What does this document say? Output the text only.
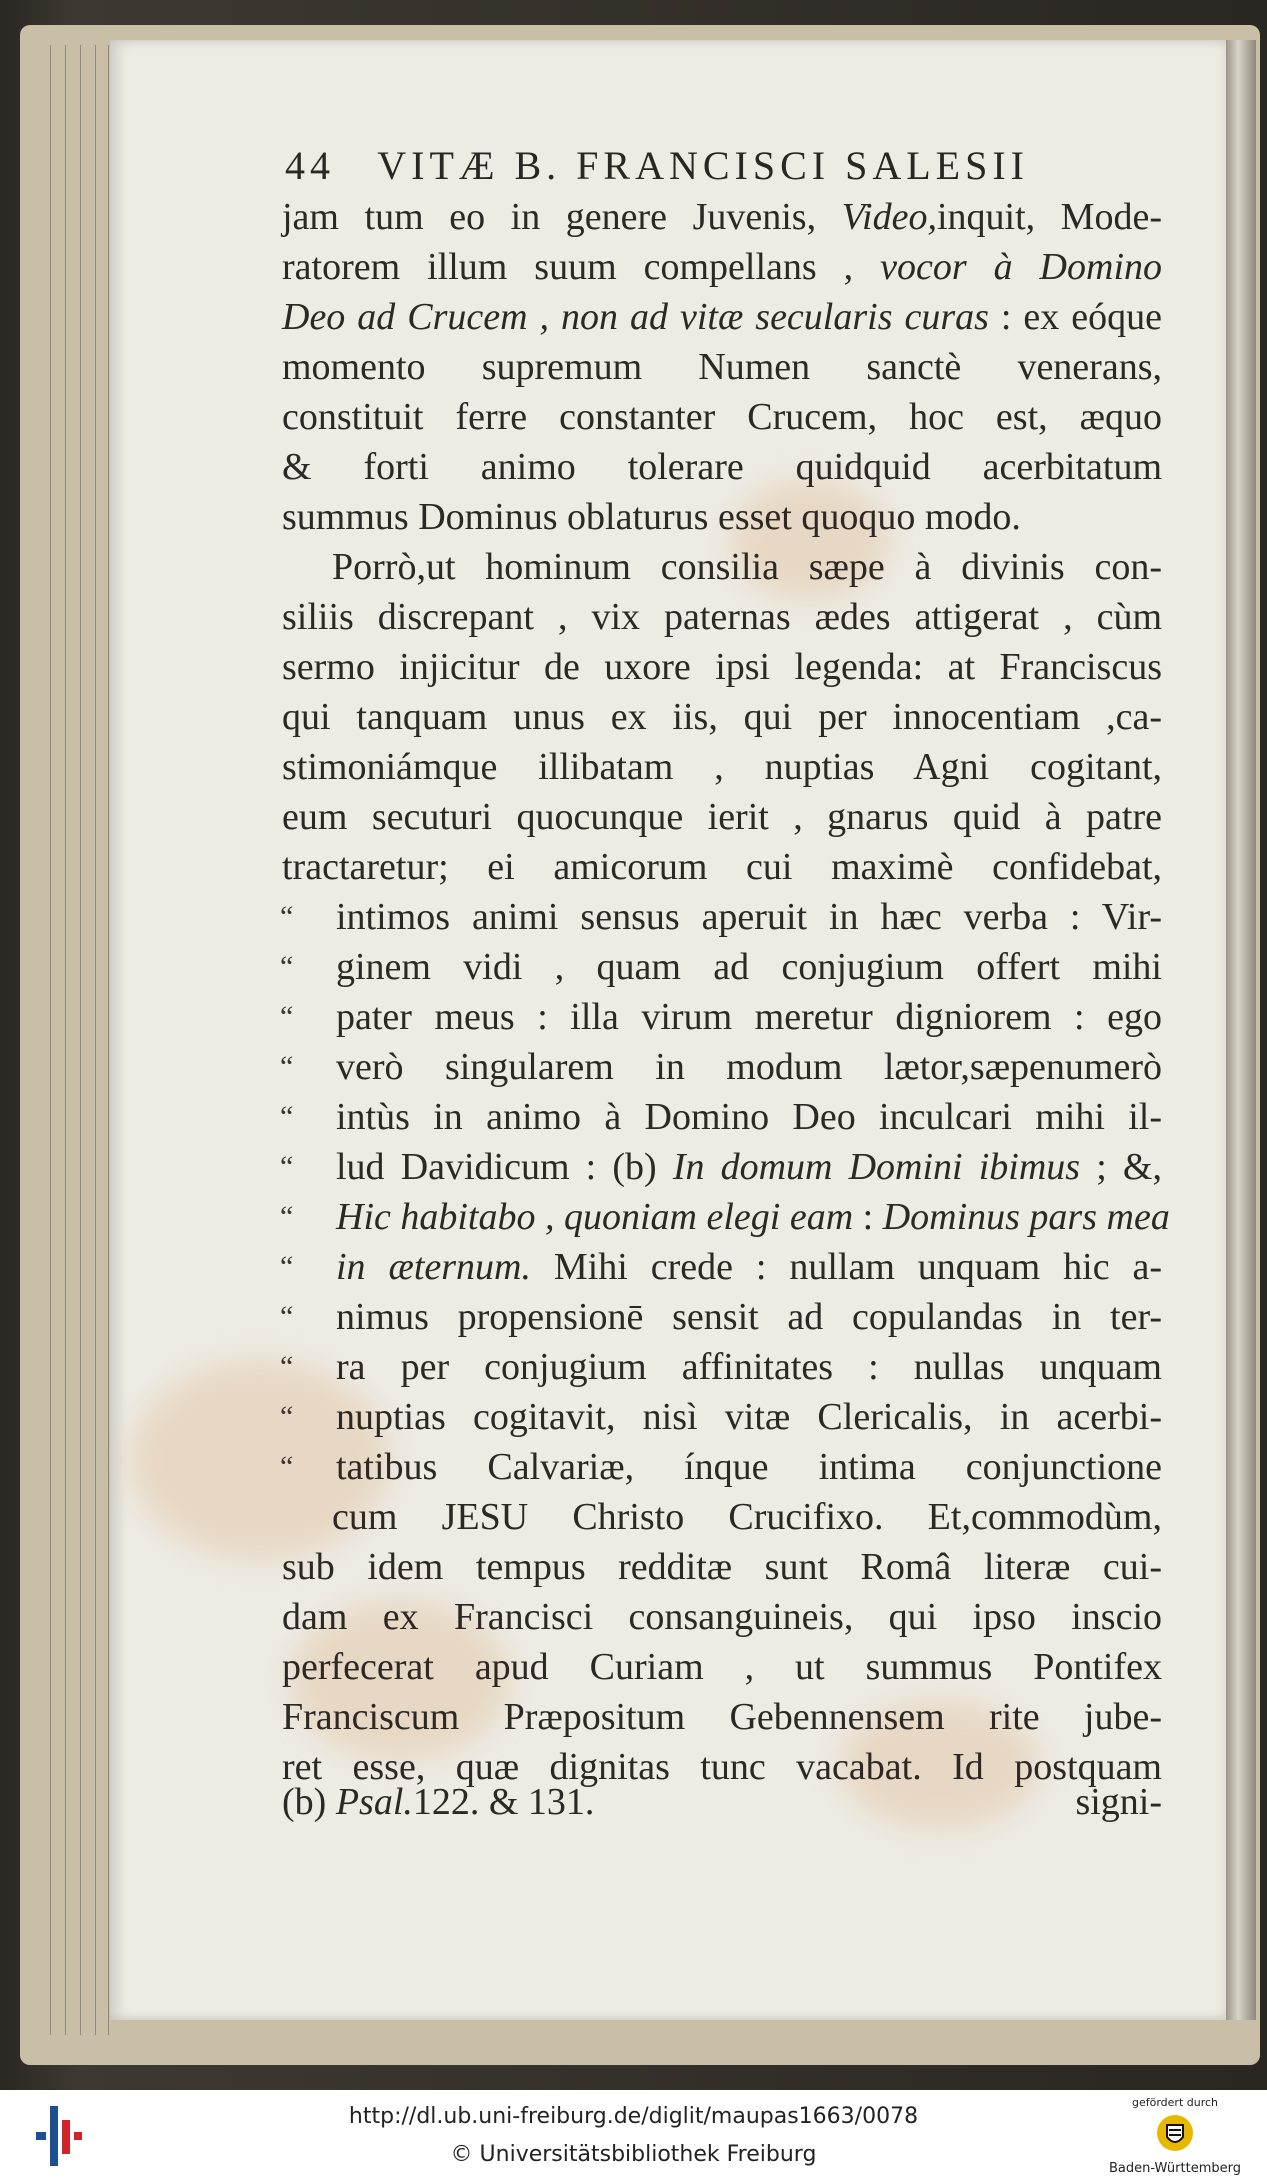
44 VITÆ B. FRANCISCI SALESII
jam tum eo in genere Juvenis, Video,inquit, Mode-
ratorem illum suum compellans , vocor à Domino
Deo ad Crucem , non ad vitæ secularis curas : ex eóque
momento supremum Numen sanctè venerans,
constituit ferre constanter Crucem, hoc est, æquo
& forti animo tolerare quidquid acerbitatum
summus Dominus oblaturus esset quoquo modo.
Porrò,ut hominum consilia sæpe à divinis con-
siliis discrepant , vix paternas ædes attigerat , cùm
sermo injicitur de uxore ipsi legenda: at Franciscus
qui tanquam unus ex iis, qui per innocentiam ,ca-
stimoniámque illibatam , nuptias Agni cogitant,
eum secuturi quocunque ierit , gnarus quid à patre
tractaretur; ei amicorum cui maximè confidebat,
“ intimos animi sensus aperuit in hæc verba : Vir-
“ ginem vidi , quam ad conjugium offert mihi
“ pater meus : illa virum meretur digniorem : ego
“ verò singularem in modum lætor,sæpenumerò
“ intùs in animo à Domino Deo inculcari mihi il-
“ lud Davidicum : (b) In domum Domini ibimus ; &,
“ Hic habitabo , quoniam elegi eam : Dominus pars mea
“ in æternum. Mihi crede : nullam unquam hic a-
“ nimus propensionē sensit ad copulandas in ter-
“ ra per conjugium affinitates : nullas unquam
“ nuptias cogitavit, nisì vitæ Clericalis, in acerbi-
“ tatibus Calvariæ, ínque intima conjunctione
cum JESU Christo Crucifixo. Et,commodùm,
sub idem tempus redditæ sunt Româ literæ cui-
dam ex Francisci consanguineis, qui ipso inscio
perfecerat apud Curiam , ut summus Pontifex
Franciscum Præpositum Gebennensem rite jube-
ret esse, quæ dignitas tunc vacabat. Id postquam
(b) Psal.122. & 131.	signi-
http://dl.ub.uni-freiburg.de/diglit/maupas1663/0078
© Universitätsbibliothek Freiburg
gefördert durch
Baden-Württemberg
